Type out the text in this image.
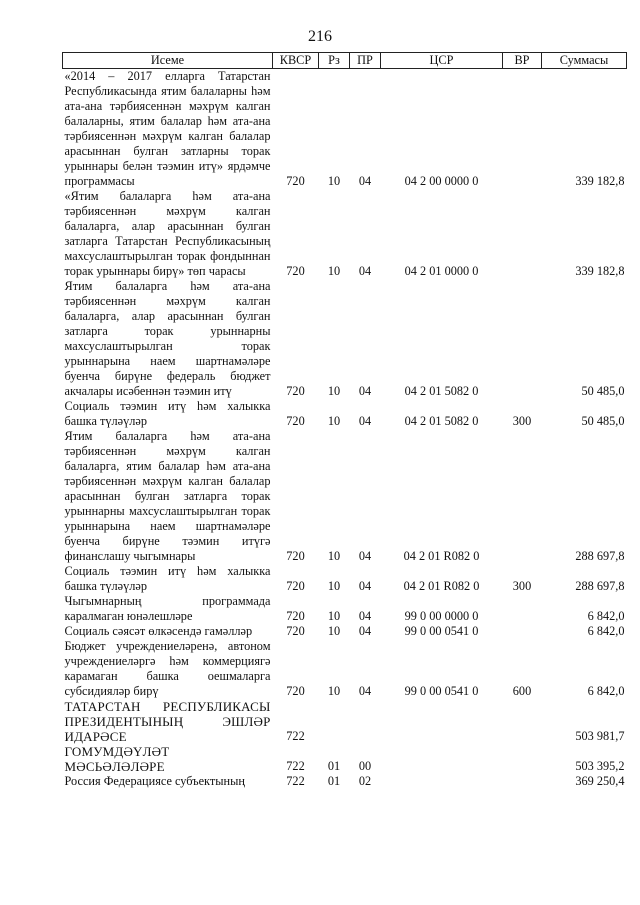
216
Исеме	КВСР	Рз	ПР	ЦСР	ВР	Суммасы
«2014 – 2017 елларга Татарстан Республикасында ятим балаларны һәм ата-ана тәрбиясеннән мәхрүм калган балаларны, ятим балалар һәм ата-ана тәрбиясеннән мәхрүм калган балалар арасыннан булган затларны торак урыннары белән тәэмин итү» ярдәмче программасы	720	10	04	04 2 00 0000 0		339 182,8
«Ятим балаларга һәм ата-ана тәрбиясеннән мәхрүм калган балаларга, алар арасыннан булган затларга Татарстан Республикасының махсуслаштырылган торак фондыннан торак урыннары бирү» төп чарасы	720	10	04	04 2 01 0000 0		339 182,8
Ятим балаларга һәм ата-ана тәрбиясеннән мәхрүм калган балаларга, алар арасыннан булган затларга торак урыннарны махсуслаштырылган торак урыннарына наем шартнамәләре буенча бирүне федераль бюджет акчалары исәбеннән тәэмин итү	720	10	04	04 2 01 5082 0		50 485,0
Социаль тәэмин итү һәм халыкка башка түләүләр	720	10	04	04 2 01 5082 0	300	50 485,0
Ятим балаларга һәм ата-ана тәрбиясеннән мәхрүм калган балаларга, ятим балалар һәм ата-ана тәрбиясеннән мәхрүм калган балалар арасыннан булган затларга торак урыннарны махсуслаштырылган торак урыннарына наем шартнамәләре буенча бирүне тәэмин итүгә финанслашу чыгымнары	720	10	04	04 2 01 R082 0		288 697,8
Социаль тәэмин итү һәм халыкка башка түләүләр	720	10	04	04 2 01 R082 0	300	288 697,8
Чыгымнарның программада каралмаган юнәлешләре	720	10	04	99 0 00 0000 0		6 842,0
Социаль сәясәт өлкәсендә гамәлләр	720	10	04	99 0 00 0541 0		6 842,0
Бюджет учреждениеләренә, автоном учреждениеләргә һәм коммерциягә карамаган башка оешмаларга субсидияләр бирү	720	10	04	99 0 00 0541 0	600	6 842,0
ТАТАРСТАН РЕСПУБЛИКАСЫ ПРЕЗИДЕНТЫНЫҢ ЭШЛӘР ИДАРӘСЕ	722					503 981,7
ГОМУМДӘҮЛӘТ МӘСЬӘЛӘЛӘРЕ	722	01	00			503 395,2
Россия Федерациясе субъектының	722	01	02			369 250,4
